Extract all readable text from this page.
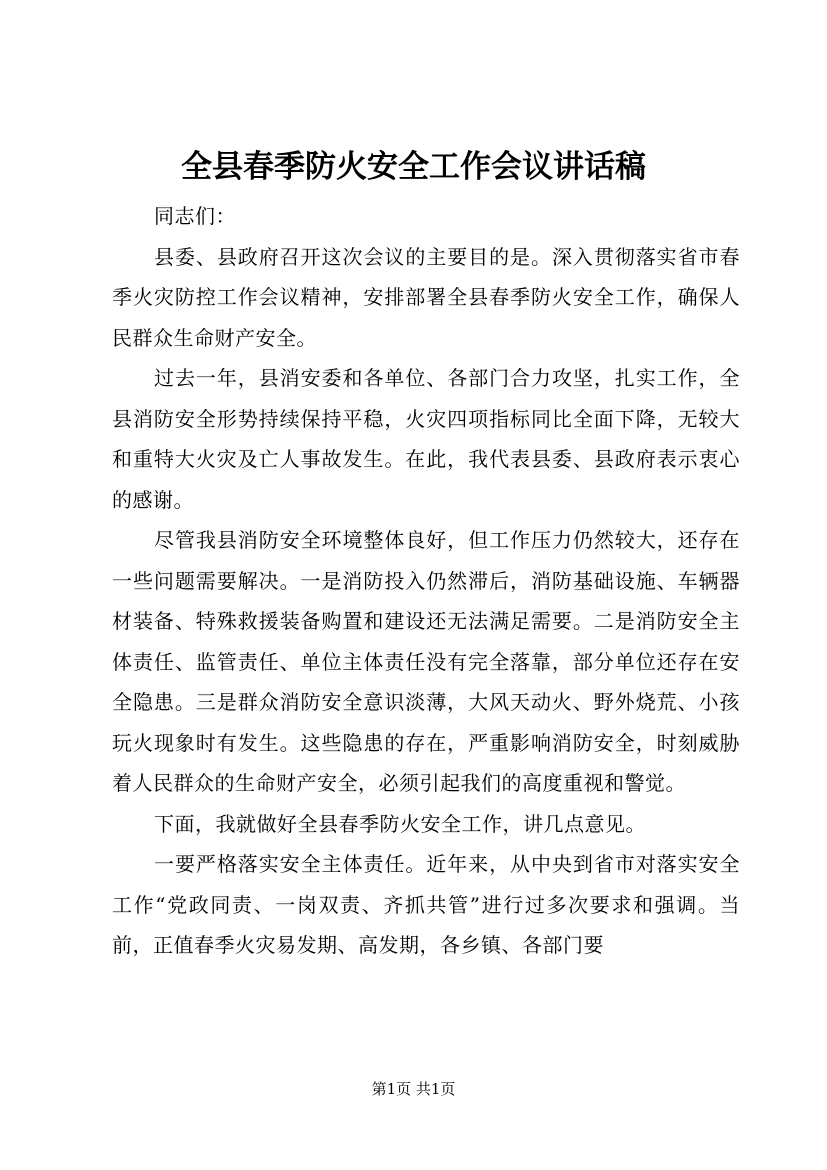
全县春季防火安全工作会议讲话稿

同志们：

县委、县政府召开这次会议的主要目的是。深入贯彻落实省市春季火灾防控工作会议精神，安排部署全县春季防火安全工作，确保人民群众生命财产安全。

过去一年，县消安委和各单位、各部门合力攻坚，扎实工作，全县消防安全形势持续保持平稳，火灾四项指标同比全面下降，无较大和重特大火灾及亡人事故发生。在此，我代表县委、县政府表示衷心的感谢。

尽管我县消防安全环境整体良好，但工作压力仍然较大，还存在一些问题需要解决。一是消防投入仍然滞后，消防基础设施、车辆器材装备、特殊救援装备购置和建设还无法满足需要。二是消防安全主体责任、监管责任、单位主体责任没有完全落靠，部分单位还存在安全隐患。三是群众消防安全意识淡薄，大风天动火、野外烧荒、小孩玩火现象时有发生。这些隐患的存在，严重影响消防安全，时刻威胁着人民群众的生命财产安全，必须引起我们的高度重视和警觉。

下面，我就做好全县春季防火安全工作，讲几点意见。

一要严格落实安全主体责任。近年来，从中央到省市对落实安全工作“党政同责、一岗双责、齐抓共管”进行过多次要求和强调。当前，正值春季火灾易发期、高发期，各乡镇、各部门要

第1页 共1页
